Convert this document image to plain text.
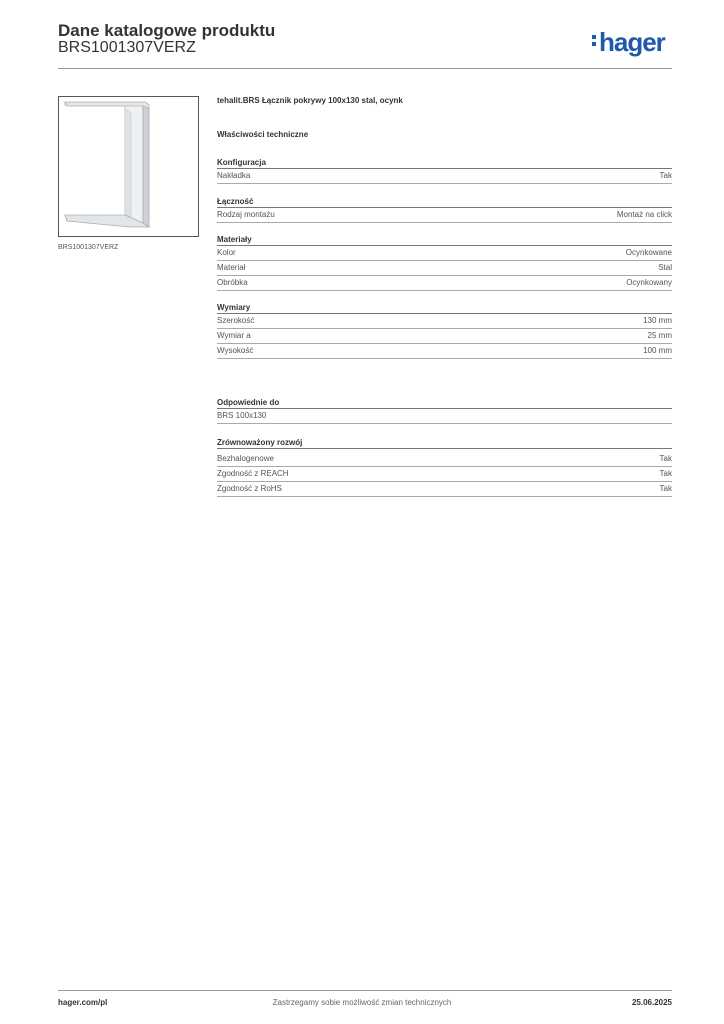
Dane katalogowe produktu
BRS1001307VERZ	hager
BRS1001307VERZ
tehalit.BRS Łącznik pokrywy 100x130 stal, ocynk
Właściwości techniczne
Konfiguracja
Nakładka	Tak
Łączność
Rodzaj montażu	Montaż na click
Materiały
Kolor	Ocynkowane
Materiał	Stal
Obróbka	Ocynkowany
Wymiary
Szerokość	130 mm
Wymiar a	25 mm
Wysokość	100 mm
Odpowiednie do
BRS 100x130
Zrównoważony rozwój
Bezhalogenowe	Tak
Zgodność z REACH	Tak
Zgodność z RoHS	Tak
hager.com/pl	Zastrzegamy sobie możliwość zmian technicznych	25.06.2025
